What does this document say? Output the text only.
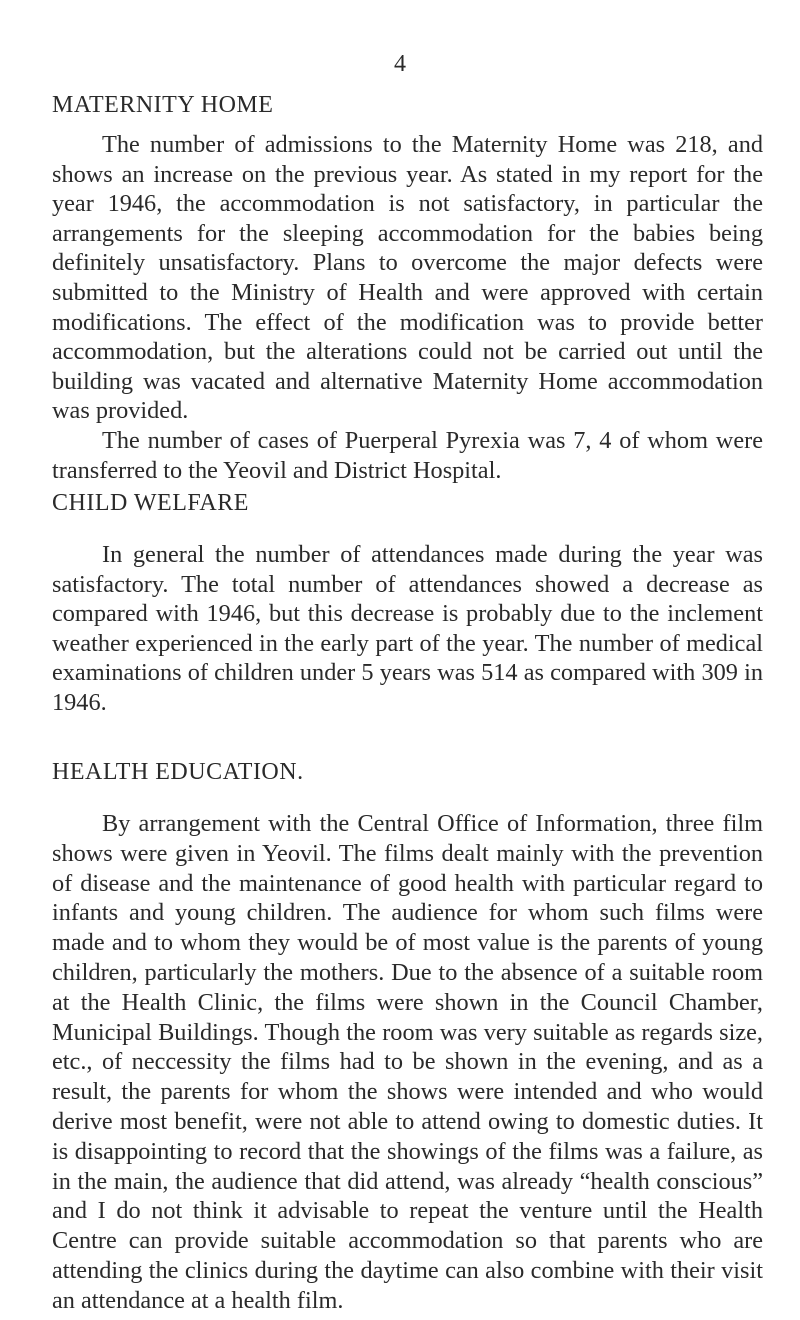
4
MATERNITY HOME

The number of admissions to the Maternity Home was 218, and shows an increase on the previous year. As stated in my report for the year 1946, the accommodation is not satisfactory, in particular the arrangements for the sleeping accommodation for the babies being definitely unsatisfactory. Plans to overcome the major defects were submitted to the Ministry of Health and were approved with certain modifications. The effect of the modification was to provide better accommodation, but the alterations could not be carried out until the building was vacated and alternative Maternity Home accommodation was provided.

The number of cases of Puerperal Pyrexia was 7, 4 of whom were transferred to the Yeovil and District Hospital.

CHILD WELFARE

In general the number of attendances made during the year was satisfactory. The total number of attendances showed a decrease as compared with 1946, but this decrease is probably due to the inclement weather experienced in the early part of the year. The number of medical examinations of children under 5 years was 514 as compared with 309 in 1946.

HEALTH EDUCATION.

By arrangement with the Central Office of Information, three film shows were given in Yeovil. The films dealt mainly with the prevention of disease and the maintenance of good health with particular regard to infants and young children. The audience for whom such films were made and to whom they would be of most value is the parents of young children, particularly the mothers. Due to the absence of a suitable room at the Health Clinic, the films were shown in the Council Chamber, Municipal Buildings. Though the room was very suitable as regards size, etc., of neccessity the films had to be shown in the evening, and as a result, the parents for whom the shows were intended and who would derive most benefit, were not able to attend owing to domestic duties. It is disappointing to record that the showings of the films was a failure, as in the main, the audience that did attend, was already “health conscious” and I do not think it advisable to repeat the venture until the Health Centre can provide suitable accommodation so that parents who are attending the clinics during the daytime can also combine with their visit an attendance at a health film.
